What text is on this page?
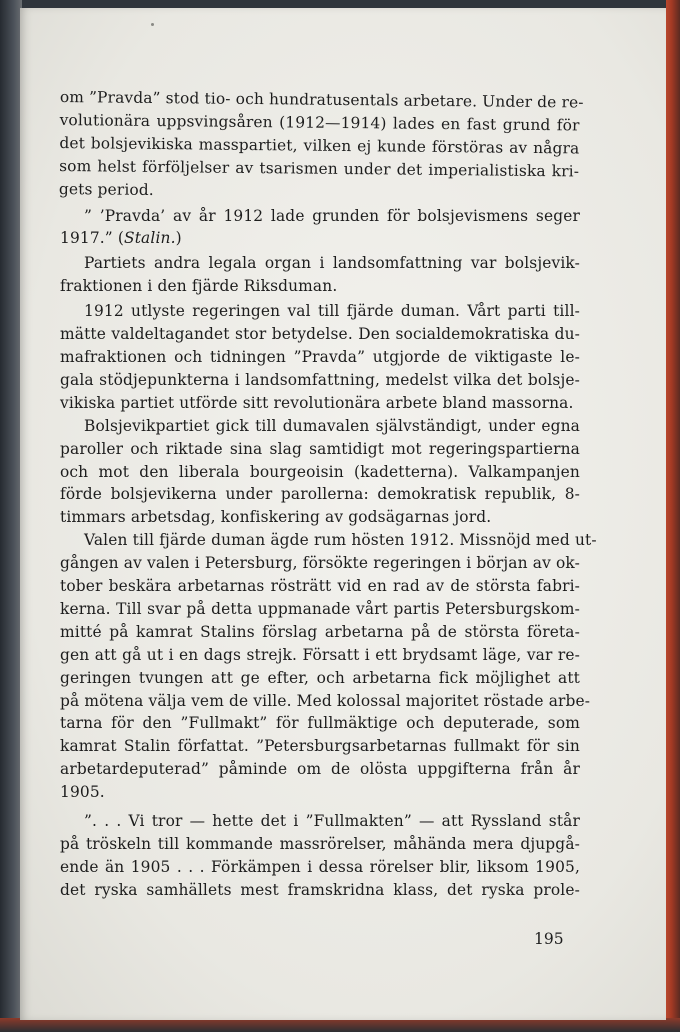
om ”Pravda” stod tio- och hundratusentals arbetare. Under de re-
volutionära uppsvingsåren (1912—1914) lades en fast grund för
det bolsjevikiska masspartiet, vilken ej kunde förstöras av några
som helst förföljelser av tsarismen under det imperialistiska kri-
gets period.

” ’Pravda’ av år 1912 lade grunden för bolsjevismens seger
1917.” (Stalin.)

Partiets andra legala organ i landsomfattning var bolsjevik-
fraktionen i den fjärde Riksduman.

1912 utlyste regeringen val till fjärde duman. Vårt parti till-
mätte valdeltagandet stor betydelse. Den socialdemokratiska du-
mafraktionen och tidningen ”Pravda” utgjorde de viktigaste le-
gala stödjepunkterna i landsomfattning, medelst vilka det bolsje-
vikiska partiet utförde sitt revolutionära arbete bland massorna.

Bolsjevikpartiet gick till dumavalen självständigt, under egna
paroller och riktade sina slag samtidigt mot regeringspartierna
och mot den liberala bourgeoisin (kadetterna). Valkampanjen
förde bolsjevikerna under parollerna: demokratisk republik, 8-
timmars arbetsdag, konfiskering av godsägarnas jord.

Valen till fjärde duman ägde rum hösten 1912. Missnöjd med ut-
gången av valen i Petersburg, försökte regeringen i början av ok-
tober beskära arbetarnas rösträtt vid en rad av de största fabri-
kerna. Till svar på detta uppmanade vårt partis Petersburgskom-
mitté på kamrat Stalins förslag arbetarna på de största företa-
gen att gå ut i en dags strejk. Försatt i ett brydsamt läge, var re-
geringen tvungen att ge efter, och arbetarna fick möjlighet att
på mötena välja vem de ville. Med kolossal majoritet röstade arbe-
tarna för den ”Fullmakt” för fullmäktige och deputerade, som
kamrat Stalin författat. ”Petersburgsarbetarnas fullmakt för sin
arbetardeputerad” påminde om de olösta uppgifterna från år
1905.

”. . . Vi tror — hette det i ”Fullmakten” — att Ryssland står
på tröskeln till kommande massrörelser, måhända mera djupgå-
ende än 1905 . . . Förkämpen i dessa rörelser blir, liksom 1905,
det ryska samhällets mest framskridna klass, det ryska prole-

195
